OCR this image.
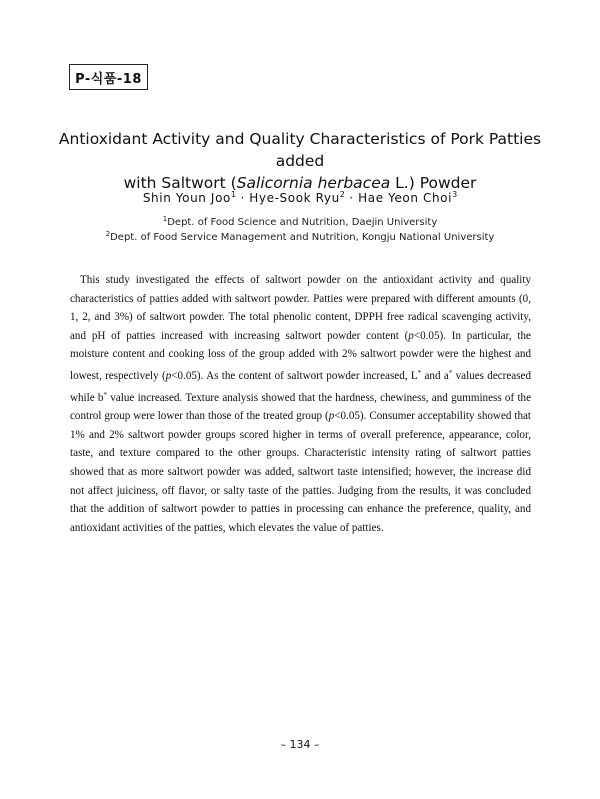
P-식품-18
Antioxidant Activity and Quality Characteristics of Pork Patties added
with Saltwort (Salicornia herbacea L.) Powder
Shin Youn Joo$^1$ · Hye-Sook Ryu$^2$ · Hae Yeon Choi$^3$
$^1$Dept. of Food Science and Nutrition, Daejin University
$^2$Dept. of Food Service Management and Nutrition, Kongju National University
This study investigated the effects of saltwort powder on the antioxidant activity and quality characteristics of patties added with saltwort powder. Patties were prepared with different amounts (0, 1, 2, and 3%) of saltwort powder. The total phenolic content, DPPH free radical scavenging activity, and pH of patties increased with increasing saltwort powder content (p<0.05). In particular, the moisture content and cooking loss of the group added with 2% saltwort powder were the highest and lowest, respectively (p<0.05). As the content of saltwort powder increased, L* and a* values decreased while b* value increased. Texture analysis showed that the hardness, chewiness, and gumminess of the control group were lower than those of the treated group (p<0.05). Consumer acceptability showed that 1% and 2% saltwort powder groups scored higher in terms of overall preference, appearance, color, taste, and texture compared to the other groups. Characteristic intensity rating of saltwort patties showed that as more saltwort powder was added, saltwort taste intensified; however, the increase did not affect juiciness, off flavor, or salty taste of the patties. Judging from the results, it was concluded that the addition of saltwort powder to patties in processing can enhance the preference, quality, and antioxidant activities of the patties, which elevates the value of patties.
– 134 –
